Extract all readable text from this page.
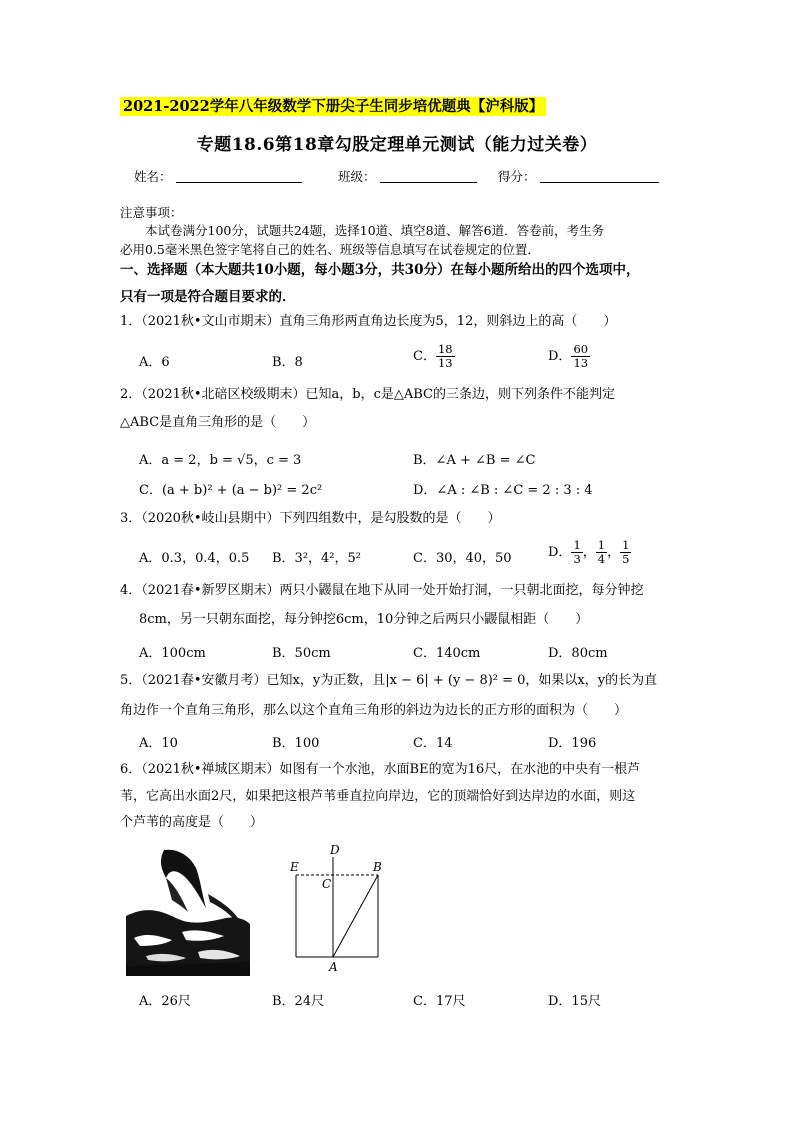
2021-2022学年八年级数学下册尖子生同步培优题典【沪科版】
专题18.6第18章勾股定理单元测试（能力过关卷）
姓名：	班级：	得分：
注意事项：
本试卷满分100分，试题共24题，选择10道、填空8道、解答6道．答卷前，考生务
必用0.5毫米黑色签字笔将自己的姓名、班级等信息填写在试卷规定的位置．
一、选择题（本大题共10小题，每小题3分，共30分）在每小题所给出的四个选项中，
只有一项是符合题目要求的．
1．（2021秋•文山市期末）直角三角形两直角边长度为5，12，则斜边上的高（　　）
A．6	B．8	C． $\frac{18}{13}$	D． $\frac{60}{13}$
2．（2021秋•北碚区校级期末）已知a，b，c是△ABC的三条边，则下列条件不能判定
△ABC是直角三角形的是（　　）
A．a = 2，b = √5，c = 3	B．∠A + ∠B = ∠C
C．(a + b)² + (a − b)² = 2c²	D．∠A : ∠B : ∠C = 2 : 3 : 4
3．（2020秋•岐山县期中）下列四组数中，是勾股数的是（　　）
A．0.3，0.4，0.5 B．3²，4²，5²	C．30，40，50	D． $\frac{1}{3}$ ， $\frac{1}{4}$ ， $\frac{1}{5}$
4．（2021春•新罗区期末）两只小鼹鼠在地下从同一处开始打洞，一只朝北面挖，每分钟挖
8cm，另一只朝东面挖，每分钟挖6cm，10分钟之后两只小鼹鼠相距（　　）
A．100cm	B．50cm	C．140cm	D．80cm
5．（2021春•安徽月考）已知x，y为正数，且|x − 6| + (y − 8)² = 0，如果以x，y的长为直
角边作一个直角三角形，那么以这个直角三角形的斜边为边长的正方形的面积为（　　）
A．10	B．100	C．14	D．196
6．（2021秋•禅城区期末）如图有一个水池，水面BE的宽为16尺，在水池的中央有一根芦
苇，它高出水面2尺，如果把这根芦苇垂直拉向岸边，它的顶端恰好到达岸边的水面，则这
个芦苇的高度是（　　）
D
E	B
C
A
A．26尺	B．24尺	C．17尺	D．15尺
